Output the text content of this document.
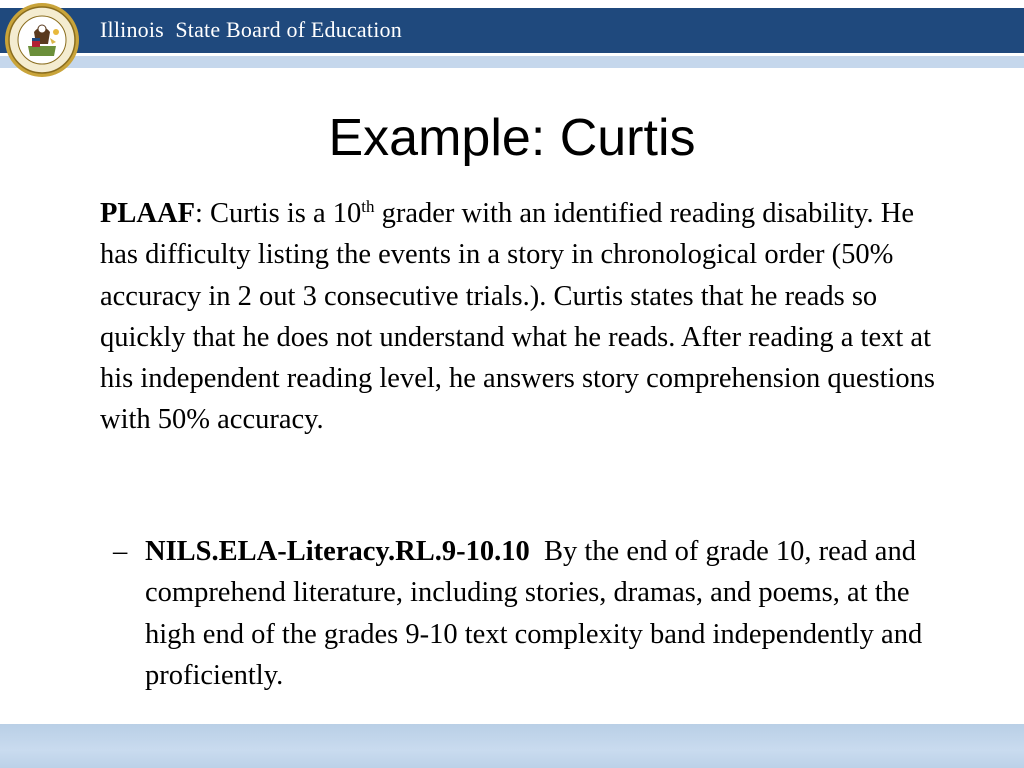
Illinois  State Board of Education
Example: Curtis
PLAAF: Curtis is a 10th grader with an identified reading disability. He has difficulty listing the events in a story in chronological order (50% accuracy in 2 out 3 consecutive trials.). Curtis states that he reads so quickly that he does not understand what he reads. After reading a text at his independent reading level, he answers story comprehension questions with 50% accuracy.
– NILS.ELA-Literacy.RL.9-10.10  By the end of grade 10, read and comprehend literature, including stories, dramas, and poems, at the high end of the grades 9-10 text complexity band independently and proficiently.
